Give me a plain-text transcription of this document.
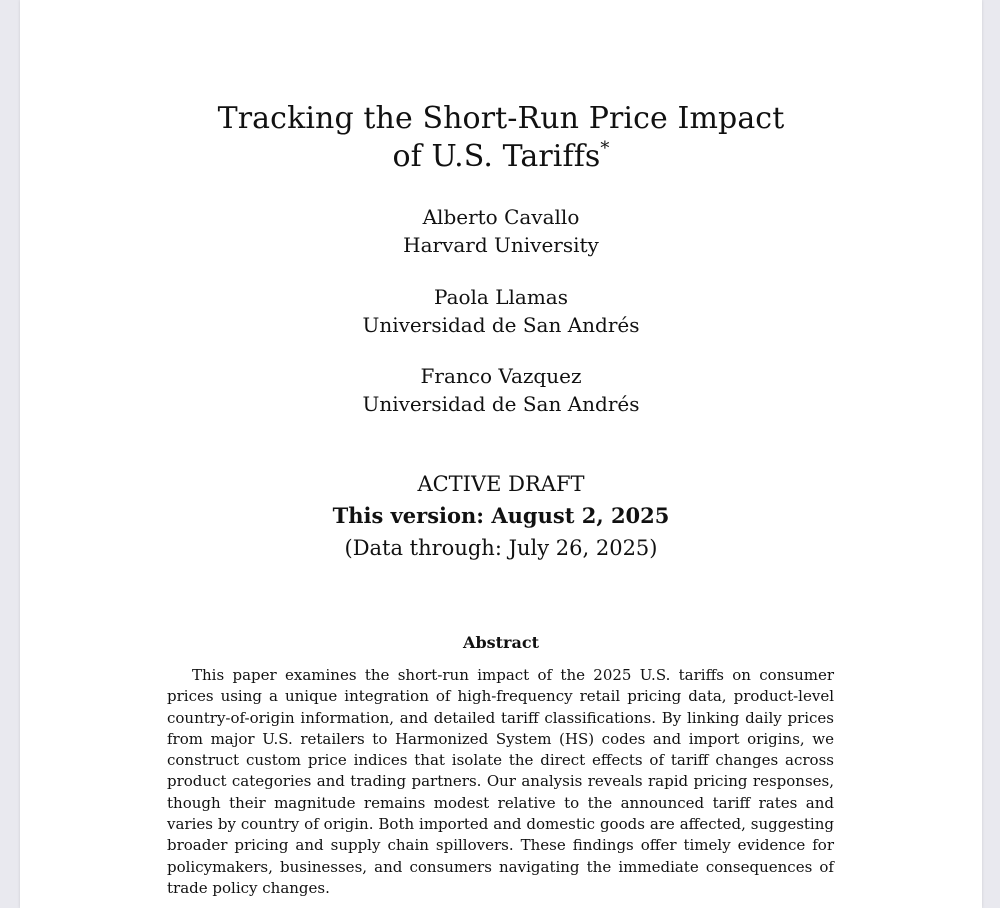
Tracking the Short-Run Price Impact
of U.S. Tariffs*
Alberto Cavallo
Harvard University
Paola Llamas
Universidad de San Andrés
Franco Vazquez
Universidad de San Andrés
ACTIVE DRAFT
This version: August 2, 2025
(Data through: July 26, 2025)
Abstract

This paper examines the short-run impact of the 2025 U.S. tariffs on consumer prices using a unique integration of high-frequency retail pricing data, product-level country-of-origin information, and detailed tariff classifications. By linking daily prices from major U.S. retailers to Harmonized System (HS) codes and import origins, we construct custom price indices that isolate the direct effects of tariff changes across product categories and trading partners. Our analysis reveals rapid pricing responses, though their magnitude remains modest relative to the announced tariff rates and varies by country of origin. Both imported and domestic goods are affected, suggesting broader pricing and supply chain spillovers. These findings offer timely evidence for policymakers, businesses, and consumers navigating the immediate consequences of trade policy changes.
